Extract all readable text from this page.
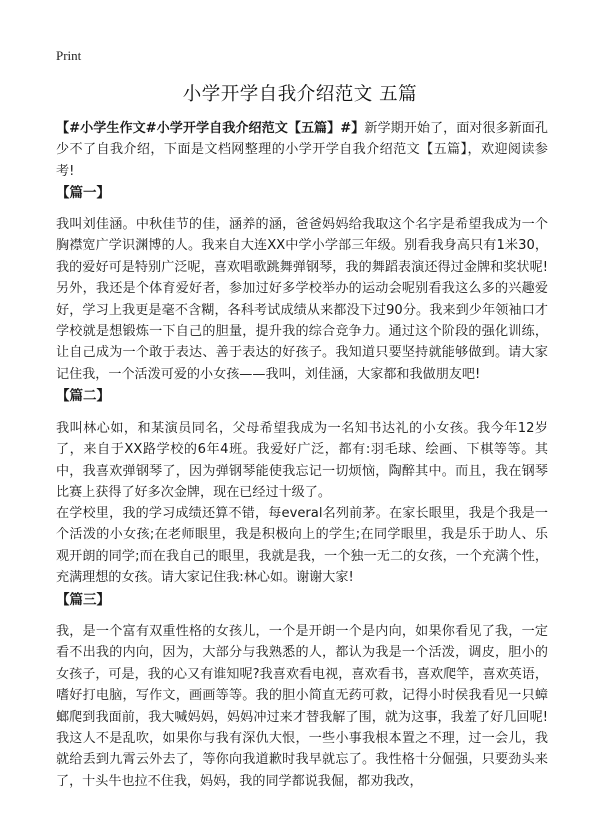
Print
小学开学自我介绍范文 五篇

【#小学生作文#小学开学自我介绍范文【五篇】#】新学期开始了，面对很多新面孔少不了自我介绍，下面是文档网整理的小学开学自我介绍范文【五篇】，欢迎阅读参考!

【篇一】

我叫刘佳涵。中秋佳节的佳，涵养的涵，爸爸妈妈给我取这个名字是希望我成为一个胸襟宽广学识渊博的人。我来自大连XX中学小学部三年级。别看我身高只有1米30，我的爱好可是特别广泛呢，喜欢唱歌跳舞弹钢琴，我的舞蹈表演还得过金牌和奖状呢!另外，我还是个体育爱好者，参加过好多学校举办的运动会呢别看我这么多的兴趣爱好，学习上我更是毫不含糊，各科考试成绩从来都没下过90分。我来到少年领袖口才学校就是想锻炼一下自己的胆量，提升我的综合竞争力。通过这个阶段的强化训练，让自己成为一个敢于表达、善于表达的好孩子。我知道只要坚持就能够做到。请大家记住我，一个活泼可爱的小女孩——我叫，刘佳涵，大家都和我做朋友吧!

【篇二】

我叫林心如，和某演员同名，父母希望我成为一名知书达礼的小女孩。我今年12岁了，来自于XX路学校的6年4班。我爱好广泛，都有:羽毛球、绘画、下棋等等。其中，我喜欢弹钢琴了，因为弹钢琴能使我忘记一切烦恼，陶醉其中。而且，我在钢琴比赛上获得了好多次金牌，现在已经过十级了。

在学校里，我的学习成绩还算不错，每everal名列前茅。在家长眼里，我是个我是一个活泼的小女孩;在老师眼里，我是积极向上的学生;在同学眼里，我是乐于助人、乐观开朗的同学;而在我自己的眼里，我就是我，一个独一无二的女孩，一个充满个性，充满理想的女孩。请大家记住我:林心如。谢谢大家!

【篇三】

我，是一个富有双重性格的女孩儿，一个是开朗一个是内向，如果你看见了我，一定看不出我的内向，因为，大部分与我熟悉的人，都认为我是一个活泼，调皮，胆小的女孩子，可是，我的心又有谁知呢?我喜欢看电视，喜欢看书，喜欢爬竿，喜欢英语，嗜好打电脑，写作文，画画等等。我的胆小简直无药可救，记得小时侯我看见一只蟑螂爬到我面前，我大喊妈妈，妈妈冲过来才替我解了围，就为这事，我羞了好几回呢!我这人不是乱吹，如果你与我有深仇大恨，一些小事我根本置之不理，过一会儿，我就给丢到九霄云外去了，等你向我道歉时我早就忘了。我性格十分倔强，只要劲头来了，十头牛也拉不住我，妈妈，我的同学都说我倔，都劝我改，
